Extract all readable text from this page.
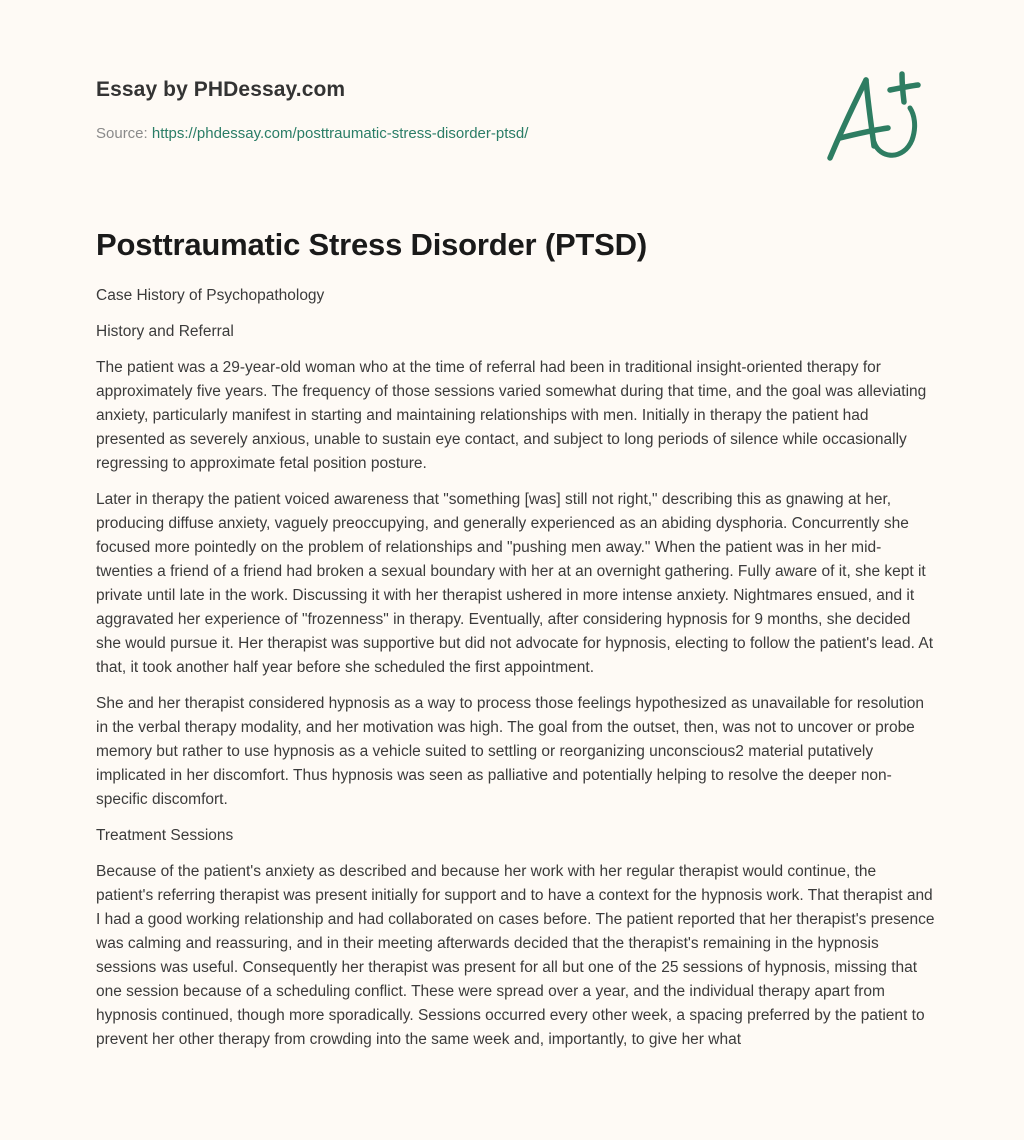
Essay by PHDessay.com
Source: https://phdessay.com/posttraumatic-stress-disorder-ptsd/
Posttraumatic Stress Disorder (PTSD)

Case History of Psychopathology

History and Referral

The patient was a 29-year-old woman who at the time of referral had been in traditional insight-oriented therapy for approximately five years. The frequency of those sessions varied somewhat during that time, and the goal was alleviating anxiety, particularly manifest in starting and maintaining relationships with men. Initially in therapy the patient had presented as severely anxious, unable to sustain eye contact, and subject to long periods of silence while occasionally regressing to approximate fetal position posture.

Later in therapy the patient voiced awareness that "something [was] still not right," describing this as gnawing at her, producing diffuse anxiety, vaguely preoccupying, and generally experienced as an abiding dysphoria. Concurrently she focused more pointedly on the problem of relationships and "pushing men away." When the patient was in her mid-twenties a friend of a friend had broken a sexual boundary with her at an overnight gathering. Fully aware of it, she kept it private until late in the work. Discussing it with her therapist ushered in more intense anxiety. Nightmares ensued, and it aggravated her experience of "frozenness" in therapy. Eventually, after considering hypnosis for 9 months, she decided she would pursue it. Her therapist was supportive but did not advocate for hypnosis, electing to follow the patient's lead. At that, it took another half year before she scheduled the first appointment.

She and her therapist considered hypnosis as a way to process those feelings hypothesized as unavailable for resolution in the verbal therapy modality, and her motivation was high. The goal from the outset, then, was not to uncover or probe memory but rather to use hypnosis as a vehicle suited to settling or reorganizing unconscious2 material putatively implicated in her discomfort. Thus hypnosis was seen as palliative and potentially helping to resolve the deeper non-specific discomfort.

Treatment Sessions

Because of the patient's anxiety as described and because her work with her regular therapist would continue, the patient's referring therapist was present initially for support and to have a context for the hypnosis work. That therapist and I had a good working relationship and had collaborated on cases before. The patient reported that her therapist's presence was calming and reassuring, and in their meeting afterwards decided that the therapist's remaining in the hypnosis sessions was useful. Consequently her therapist was present for all but one of the 25 sessions of hypnosis, missing that one session because of a scheduling conflict. These were spread over a year, and the individual therapy apart from hypnosis continued, though more sporadically. Sessions occurred every other week, a spacing preferred by the patient to prevent her other therapy from crowding into the same week and, importantly, to give her what
